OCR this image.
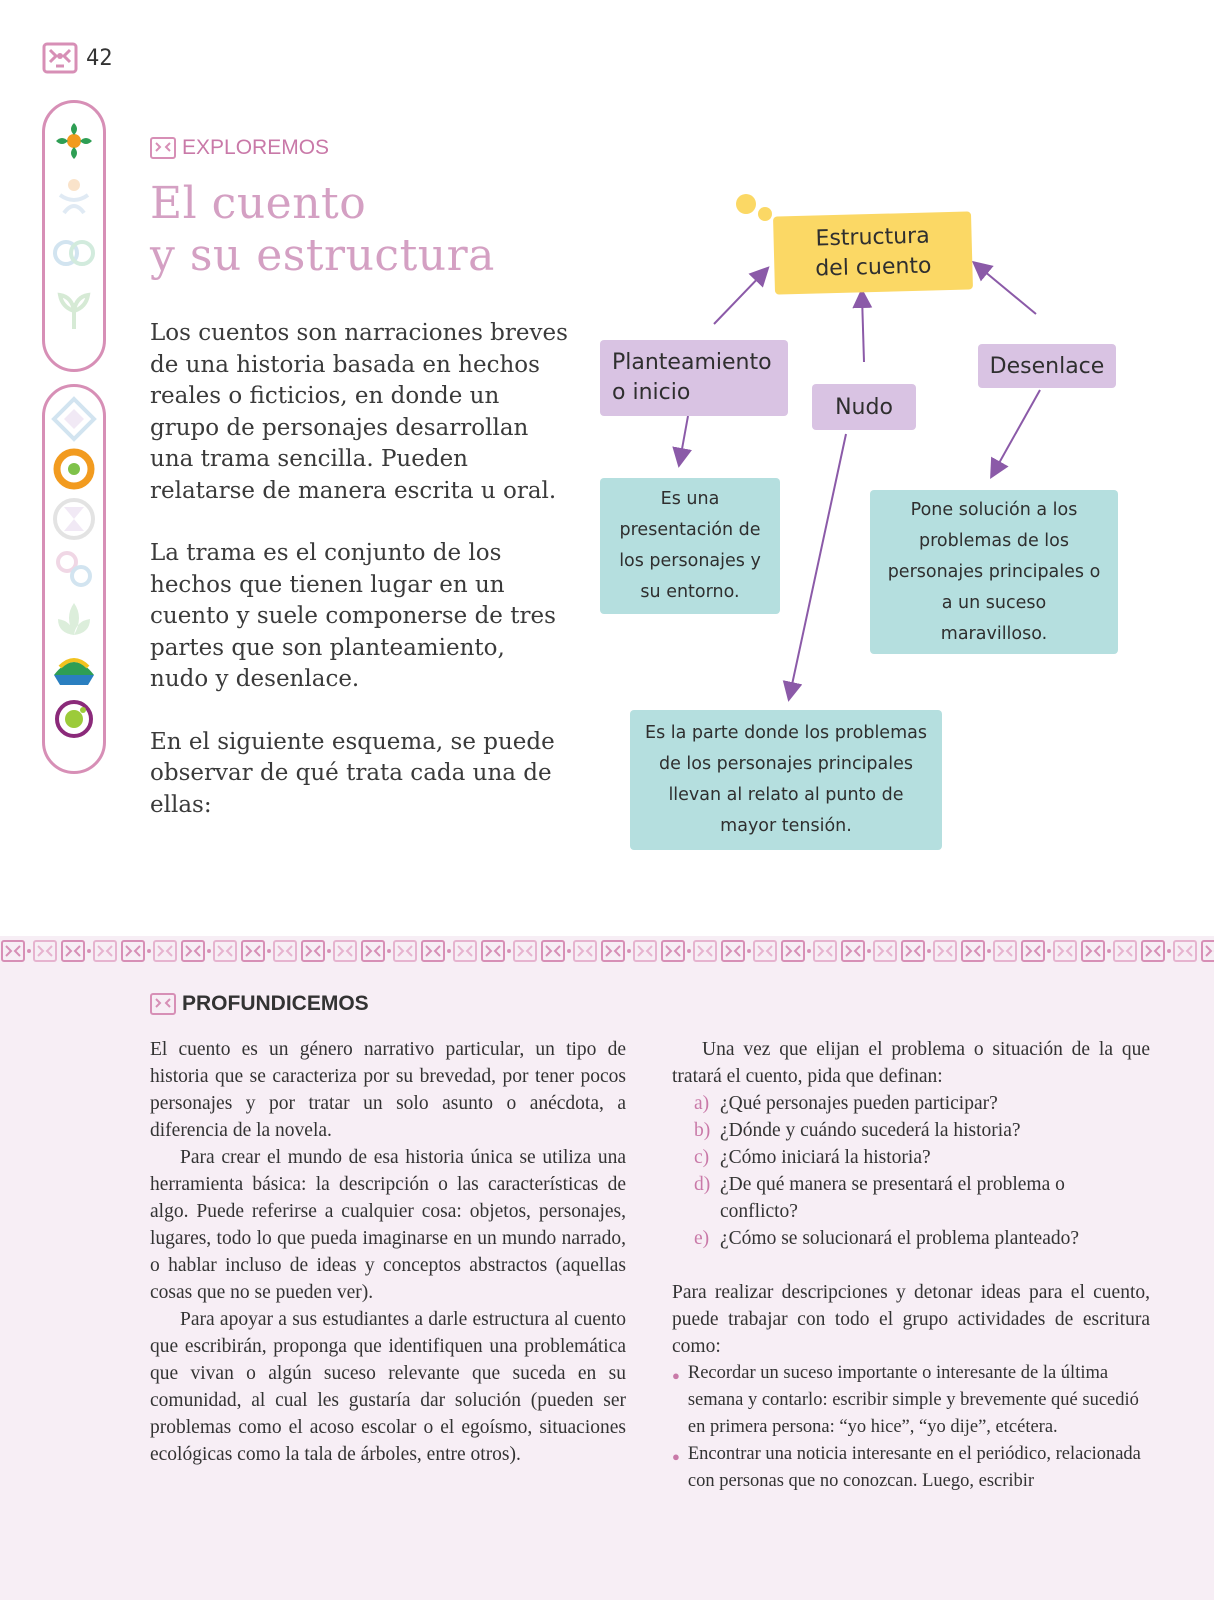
42
EXPLOREMOS
El cuento
y su estructura

Los cuentos son narraciones breves de una historia basada en hechos reales o ficticios, en donde un grupo de personajes desarrollan una trama sencilla. Pueden relatarse de manera escrita u oral.

La trama es el conjunto de los hechos que tienen lugar en un cuento y suele componerse de tres partes que son planteamiento, nudo y desenlace.

En el siguiente esquema, se puede observar de qué trata cada una de ellas:

Estructura del cuento
Planteamiento o inicio
Nudo
Desenlace
Es una presentación de los personajes y su entorno.
Pone solución a los problemas de los personajes principales o a un suceso maravilloso.
Es la parte donde los problemas de los personajes principales llevan al relato al punto de mayor tensión.
PROFUNDICEMOS

El cuento es un género narrativo particular, un tipo de historia que se caracteriza por su brevedad, por tener pocos personajes y por tratar un solo asunto o anécdota, a diferencia de la novela.

Para crear el mundo de esa historia única se utiliza una herramienta básica: la descripción o las características de algo. Puede referirse a cualquier cosa: objetos, personajes, lugares, todo lo que pueda imaginarse en un mundo narrado, o hablar incluso de ideas y conceptos abstractos (aquellas cosas que no se pueden ver).

Para apoyar a sus estudiantes a darle estructura al cuento que escribirán, proponga que identifiquen una problemática que vivan o algún suceso relevante que suceda en su comunidad, al cual les gustaría dar solución (pueden ser problemas como el acoso escolar o el egoísmo, situaciones ecológicas como la tala de árboles, entre otros).

Una vez que elijan el problema o situación de la que tratará el cuento, pida que definan:

a) ¿Qué personajes pueden participar?
b) ¿Dónde y cuándo sucederá la historia?
c) ¿Cómo iniciará la historia?
d) ¿De qué manera se presentará el problema o conflicto?
e) ¿Cómo se solucionará el problema planteado?

Para realizar descripciones y detonar ideas para el cuento, puede trabajar con todo el grupo actividades de escritura como:

● Recordar un suceso importante o interesante de la última semana y contarlo: escribir simple y brevemente qué sucedió en primera persona: “yo hice”, “yo dije”, etcétera.
● Encontrar una noticia interesante en el periódico, relacionada con personas que no conozcan. Luego, escribir
